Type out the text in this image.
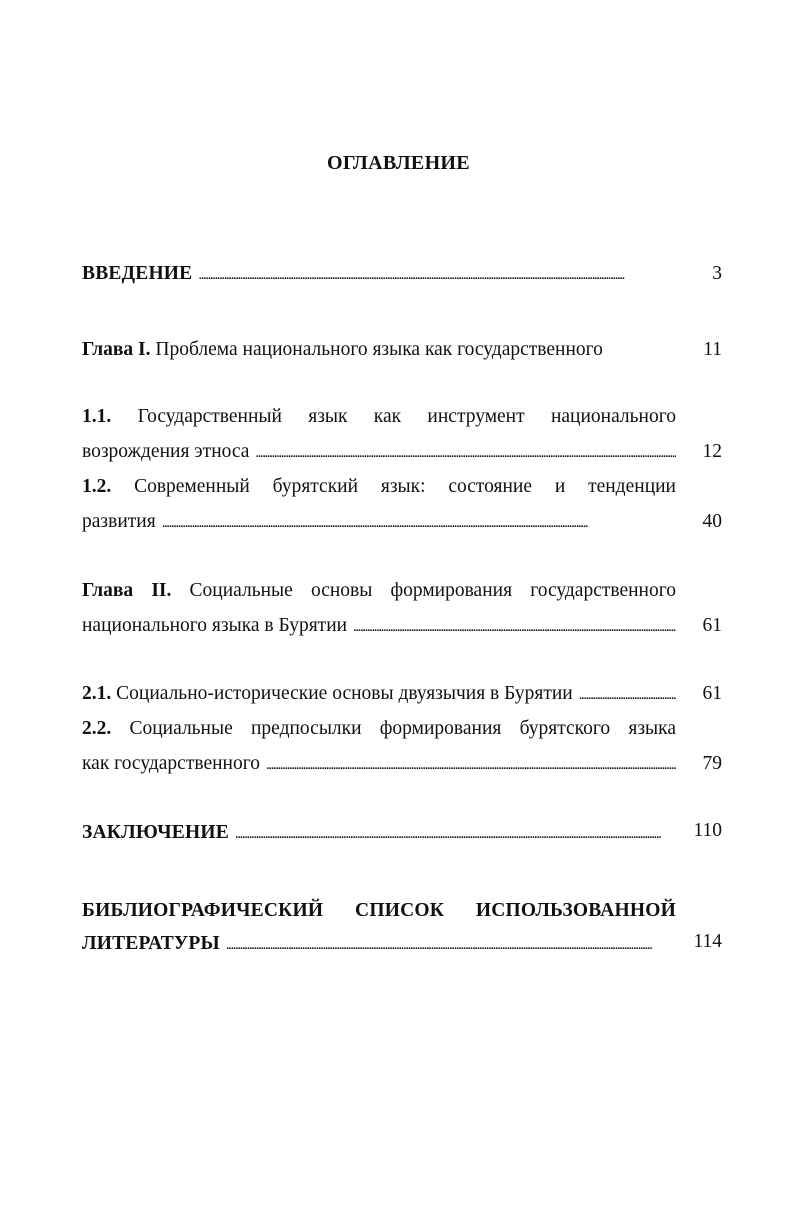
ОГЛАВЛЕНИЕ
ВВЕДЕНИЕ . . .	3
Глава I. Проблема национального языка как государственного	11
1.1. Государственный язык как инструмент национального
возрождения этноса . . .	12
1.2. Современный бурятский язык: состояние и тенденции
развития . . .	40
Глава II. Социальные основы формирования государственного
национального языка в Бурятии . . .	61
2.1. Социально-исторические основы двуязычия в Бурятии . . .	61
2.2. Социальные предпосылки формирования бурятского языка
как государственного . . .	79
ЗАКЛЮЧЕНИЕ . . .	110
БИБЛИОГРАФИЧЕСКИЙ СПИСОК ИСПОЛЬЗОВАННОЙ
ЛИТЕРАТУРЫ . . .	114
